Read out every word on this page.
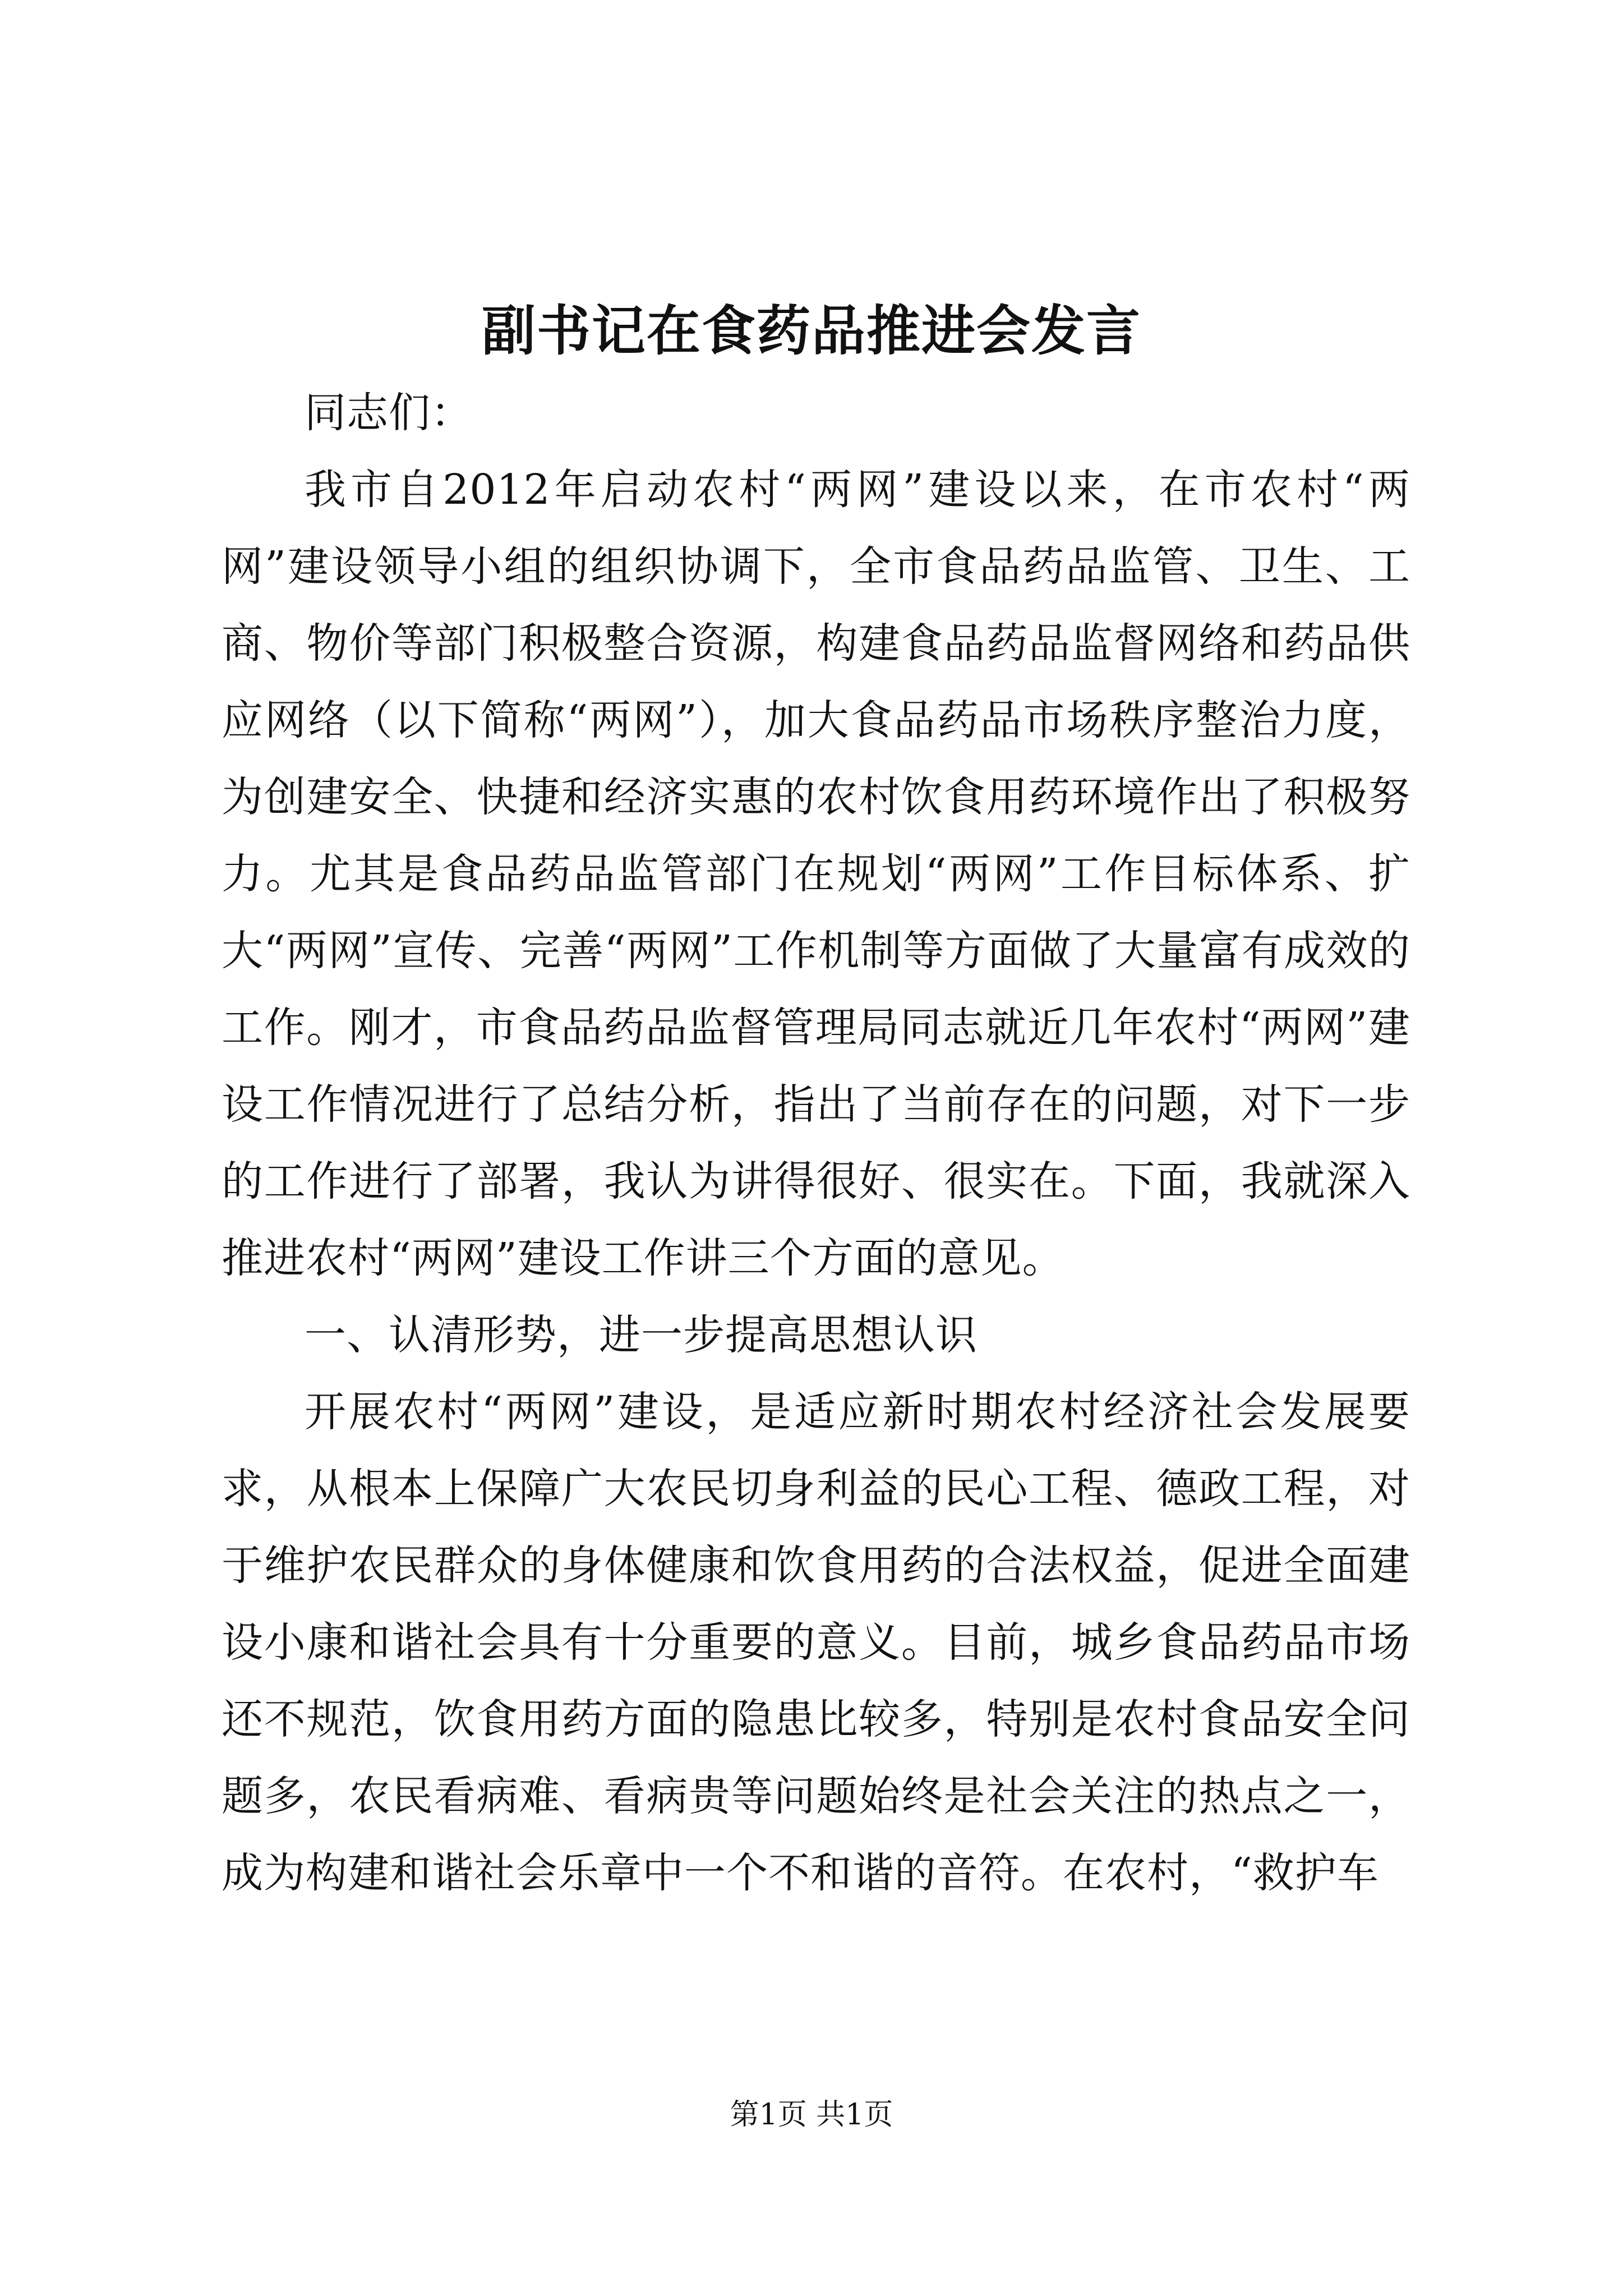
副书记在食药品推进会发言

同志们：

我市自2012年启动农村“两网”建设以来，在市农村“两网”建设领导小组的组织协调下，全市食品药品监管、卫生、工商、物价等部门积极整合资源，构建食品药品监督网络和药品供应网络（以下简称“两网”），加大食品药品市场秩序整治力度，为创建安全、快捷和经济实惠的农村饮食用药环境作出了积极努力。尤其是食品药品监管部门在规划“两网”工作目标体系、扩大“两网”宣传、完善“两网”工作机制等方面做了大量富有成效的工作。刚才，市食品药品监督管理局同志就近几年农村“两网”建设工作情况进行了总结分析，指出了当前存在的问题，对下一步的工作进行了部署，我认为讲得很好、很实在。下面，我就深入推进农村“两网”建设工作讲三个方面的意见。

一、认清形势，进一步提高思想认识

开展农村“两网”建设，是适应新时期农村经济社会发展要求，从根本上保障广大农民切身利益的民心工程、德政工程，对于维护农民群众的身体健康和饮食用药的合法权益，促进全面建设小康和谐社会具有十分重要的意义。目前，城乡食品药品市场还不规范，饮食用药方面的隐患比较多，特别是农村食品安全问题多，农民看病难、看病贵等问题始终是社会关注的热点之一，成为构建和谐社会乐章中一个不和谐的音符。在农村，“救护车

第1页 共1页
